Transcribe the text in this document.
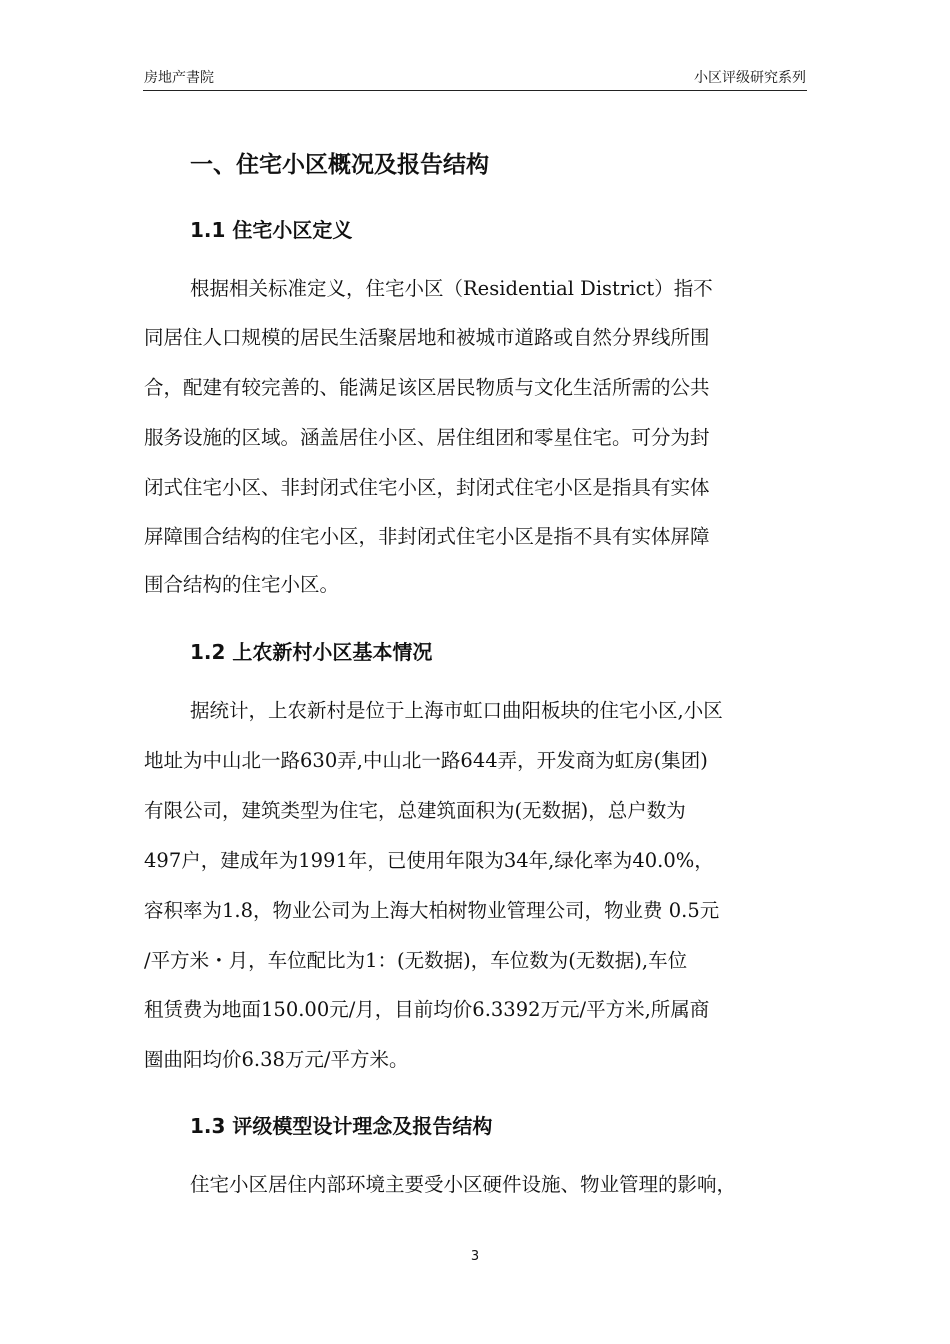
房地产書院	小区评级研究系列
一、住宅小区概况及报告结构
1.1 住宅小区定义
根据相关标准定义，住宅小区（Residential District）指不
同居住人口规模的居民生活聚居地和被城市道路或自然分界线所围
合，配建有较完善的、能满足该区居民物质与文化生活所需的公共
服务设施的区域。涵盖居住小区、居住组团和零星住宅。可分为封
闭式住宅小区、非封闭式住宅小区，封闭式住宅小区是指具有实体
屏障围合结构的住宅小区，非封闭式住宅小区是指不具有实体屏障
围合结构的住宅小区。
1.2 上农新村小区基本情况
据统计，上农新村是位于上海市虹口曲阳板块的住宅小区,小区
地址为中山北一路630弄,中山北一路644弄，开发商为虹房(集团)
有限公司，建筑类型为住宅，总建筑面积为(无数据)，总户数为
497户，建成年为1991年，已使用年限为34年,绿化率为40.0%，
容积率为1.8，物业公司为上海大柏树物业管理公司，物业费 0.5元
/平方米・月，车位配比为1：(无数据)，车位数为(无数据),车位
租赁费为地面150.00元/月，目前均价6.3392万元/平方米,所属商
圈曲阳均价6.38万元/平方米。
1.3 评级模型设计理念及报告结构
住宅小区居住内部环境主要受小区硬件设施、物业管理的影响，
3
